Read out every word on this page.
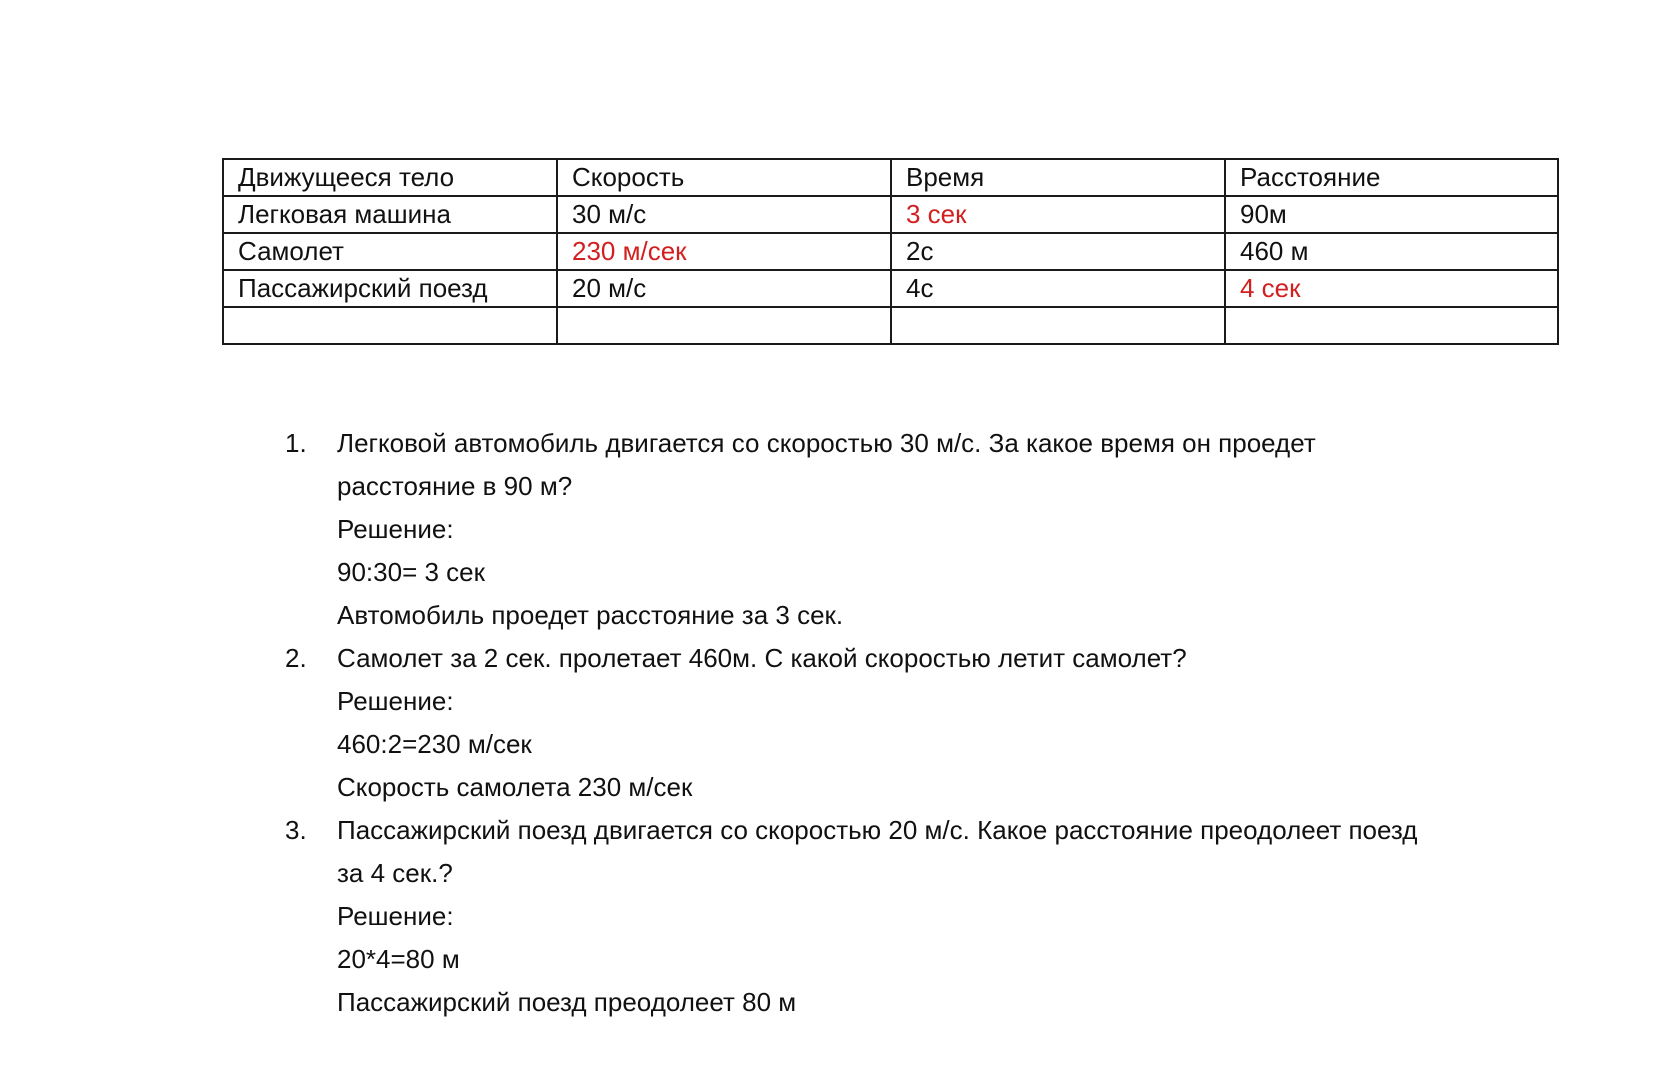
Движущееся тело	Скорость	Время	Расстояние
Легковая машина	30 м/с	3 сек	90м
Самолет	230 м/сек	2с	460 м
Пассажирский поезд	20 м/с	4с	4 сек

1. Легковой автомобиль двигается со скоростью 30 м/с. За какое время он проедет
расстояние в 90 м?
Решение:
90:30= 3 сек
Автомобиль проедет расстояние за 3 сек.
2. Самолет за 2 сек. пролетает 460м. С какой скоростью летит самолет?
Решение:
460:2=230 м/сек
Скорость самолета 230 м/сек
3. Пассажирский поезд двигается со скоростью 20 м/с. Какое расстояние преодолеет поезд
за 4 сек.?
Решение:
20*4=80 м
Пассажирский поезд преодолеет 80 м
